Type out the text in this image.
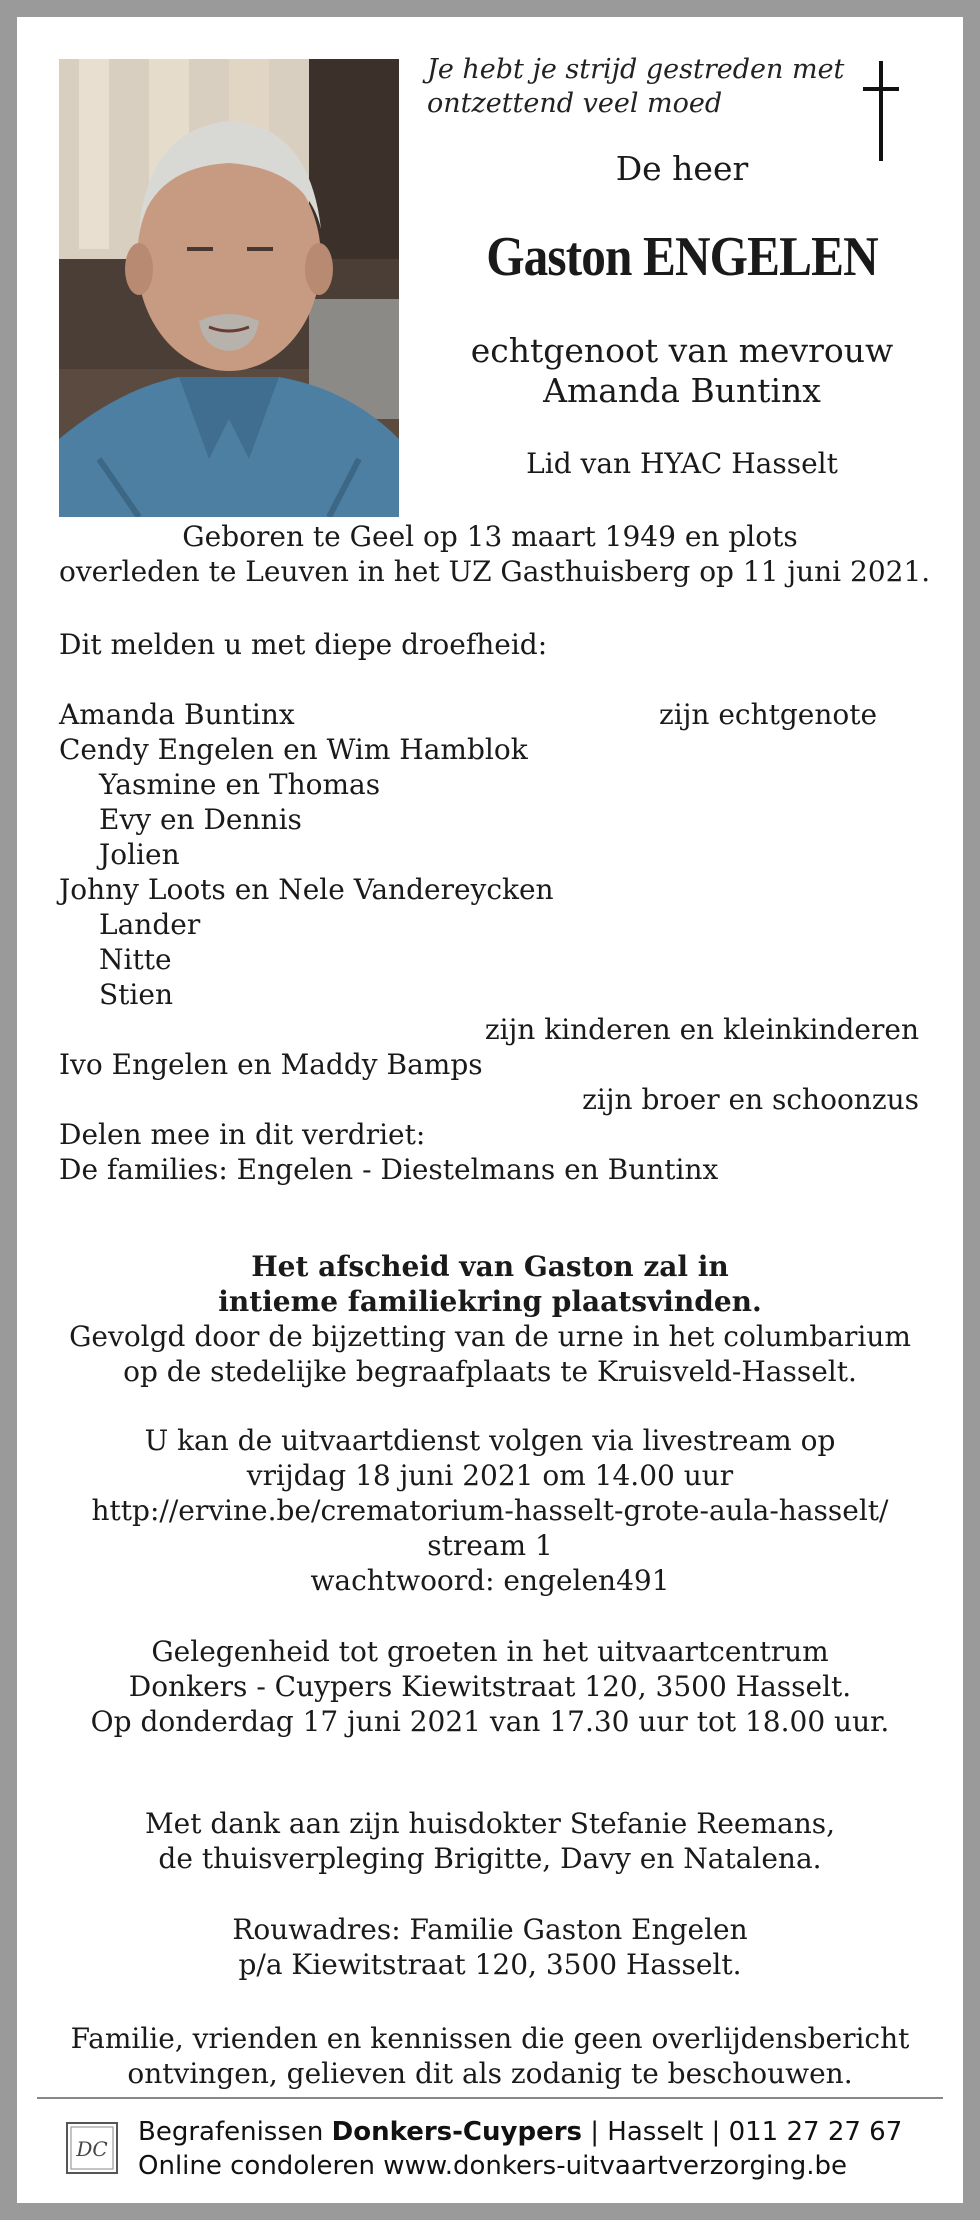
Je hebt je strijd gestreden met
ontzettend veel moed
De heer
Gaston ENGELEN
echtgenoot van mevrouw
Amanda Buntinx
Lid van HYAC Hasselt
Geboren te Geel op 13 maart 1949 en plots
overleden te Leuven in het UZ Gasthuisberg op 11 juni 2021.
Dit melden u met diepe droefheid:
Amanda Buntinx	zijn echtgenote
Cendy Engelen en Wim Hamblok
Yasmine en Thomas
Evy en Dennis
Jolien
Johny Loots en Nele Vandereycken
Lander
Nitte
Stien
zijn kinderen en kleinkinderen
Ivo Engelen en Maddy Bamps
zijn broer en schoonzus
Delen mee in dit verdriet:
De families: Engelen - Diestelmans en Buntinx
Het afscheid van Gaston zal in
intieme familiekring plaatsvinden.
Gevolgd door de bijzetting van de urne in het columbarium
op de stedelijke begraafplaats te Kruisveld-Hasselt.
U kan de uitvaartdienst volgen via livestream op
vrijdag 18 juni 2021 om 14.00 uur
http://ervine.be/crematorium-hasselt-grote-aula-hasselt/
stream 1
wachtwoord: engelen491
Gelegenheid tot groeten in het uitvaartcentrum
Donkers - Cuypers Kiewitstraat 120, 3500 Hasselt.
Op donderdag 17 juni 2021 van 17.30 uur tot 18.00 uur.
Met dank aan zijn huisdokter Stefanie Reemans,
de thuisverpleging Brigitte, Davy en Natalena.
Rouwadres: Familie Gaston Engelen
p/a Kiewitstraat 120, 3500 Hasselt.
Familie, vrienden en kennissen die geen overlijdensbericht
ontvingen, gelieven dit als zodanig te beschouwen.
DC
Begrafenissen Donkers-Cuypers | Hasselt | 011 27 27 67
Online condoleren www.donkers-uitvaartverzorging.be
